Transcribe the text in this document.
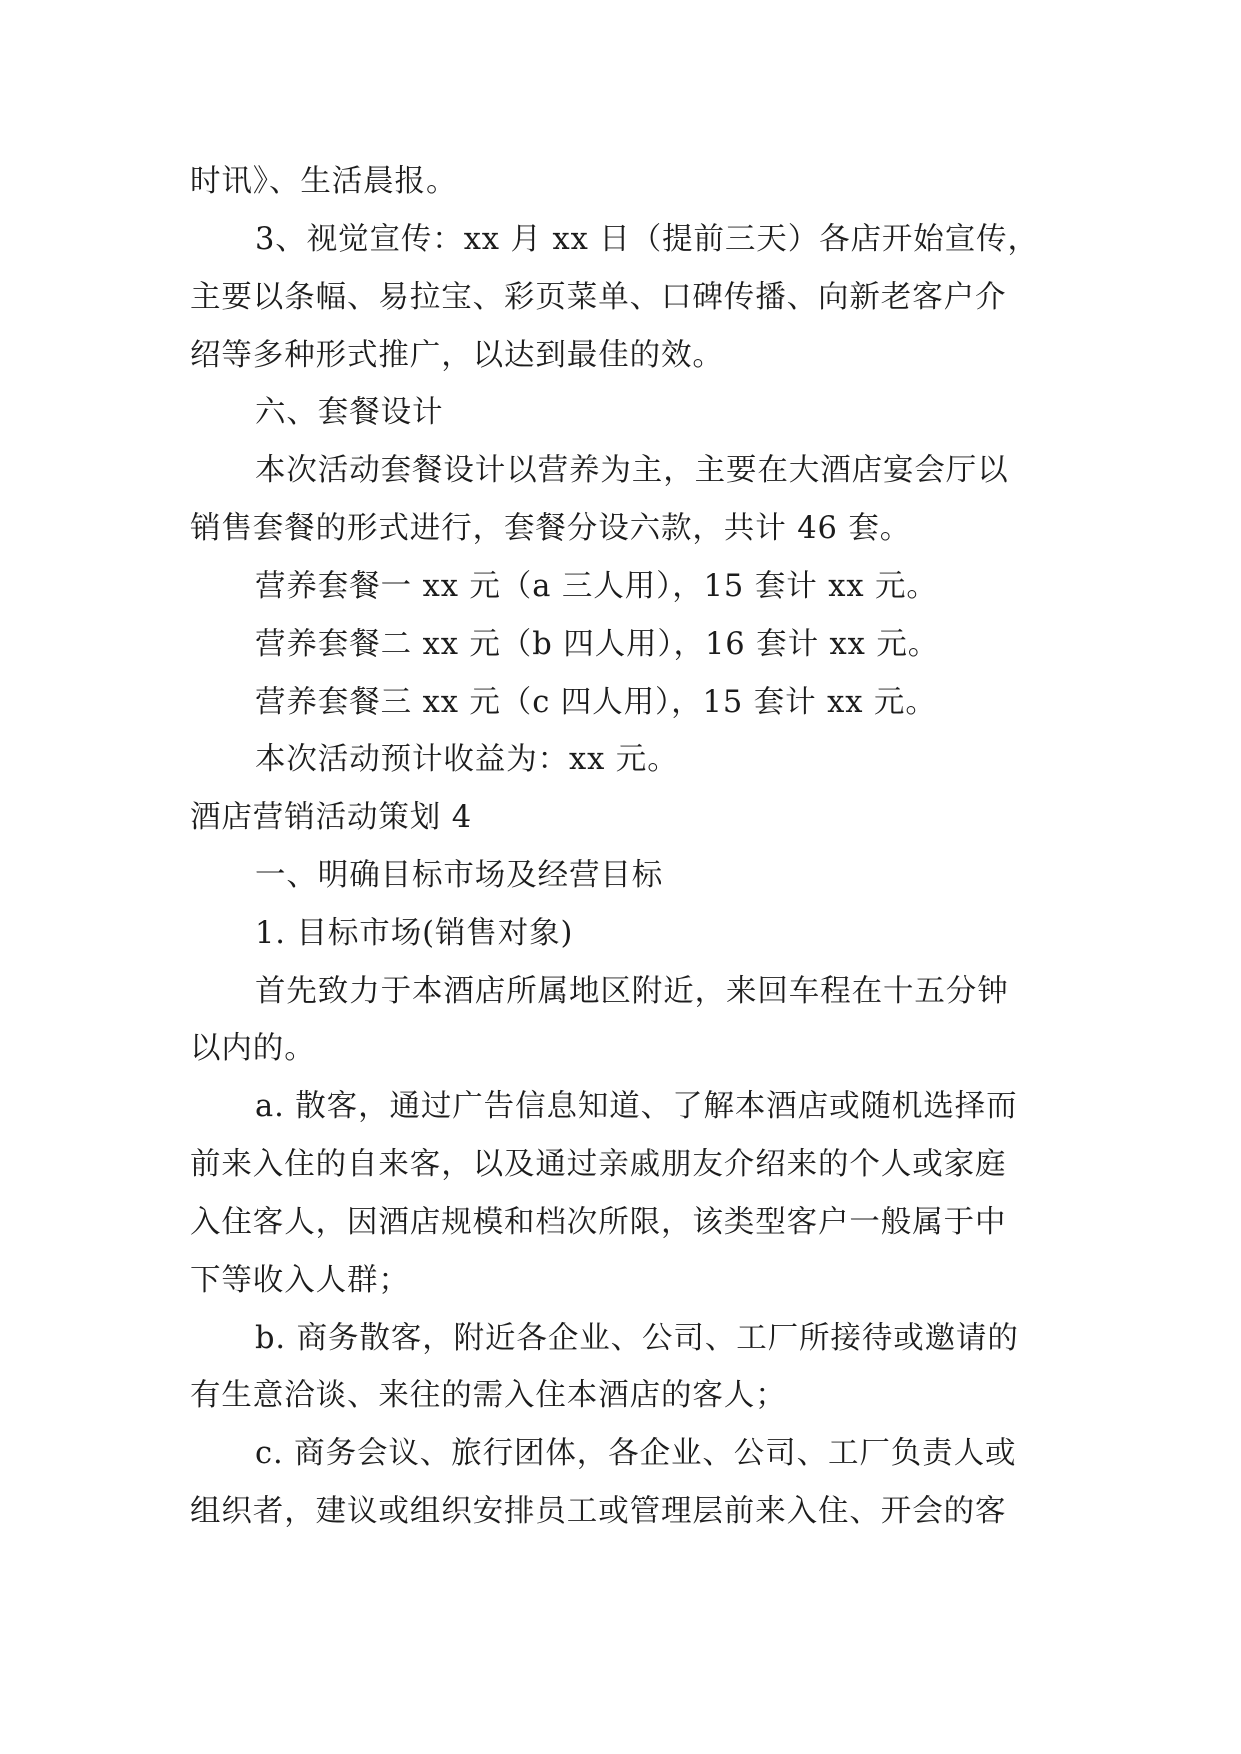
时讯》、生活晨报。
3、视觉宣传：xx 月 xx 日（提前三天）各店开始宣传，
主要以条幅、易拉宝、彩页菜单、口碑传播、向新老客户介
绍等多种形式推广，以达到最佳的效。
六、套餐设计
本次活动套餐设计以营养为主，主要在大酒店宴会厅以
销售套餐的形式进行，套餐分设六款，共计 46 套。
营养套餐一 xx 元（a 三人用），15 套计 xx 元。
营养套餐二 xx 元（b 四人用），16 套计 xx 元。
营养套餐三 xx 元（c 四人用），15 套计 xx 元。
本次活动预计收益为：xx 元。
酒店营销活动策划 4
一、明确目标市场及经营目标
1. 目标市场(销售对象)
首先致力于本酒店所属地区附近，来回车程在十五分钟
以内的。
a. 散客，通过广告信息知道、了解本酒店或随机选择而
前来入住的自来客，以及通过亲戚朋友介绍来的个人或家庭
入住客人，因酒店规模和档次所限，该类型客户一般属于中
下等收入人群；
b. 商务散客，附近各企业、公司、工厂所接待或邀请的
有生意洽谈、来往的需入住本酒店的客人；
c. 商务会议、旅行团体，各企业、公司、工厂负责人或
组织者，建议或组织安排员工或管理层前来入住、开会的客
